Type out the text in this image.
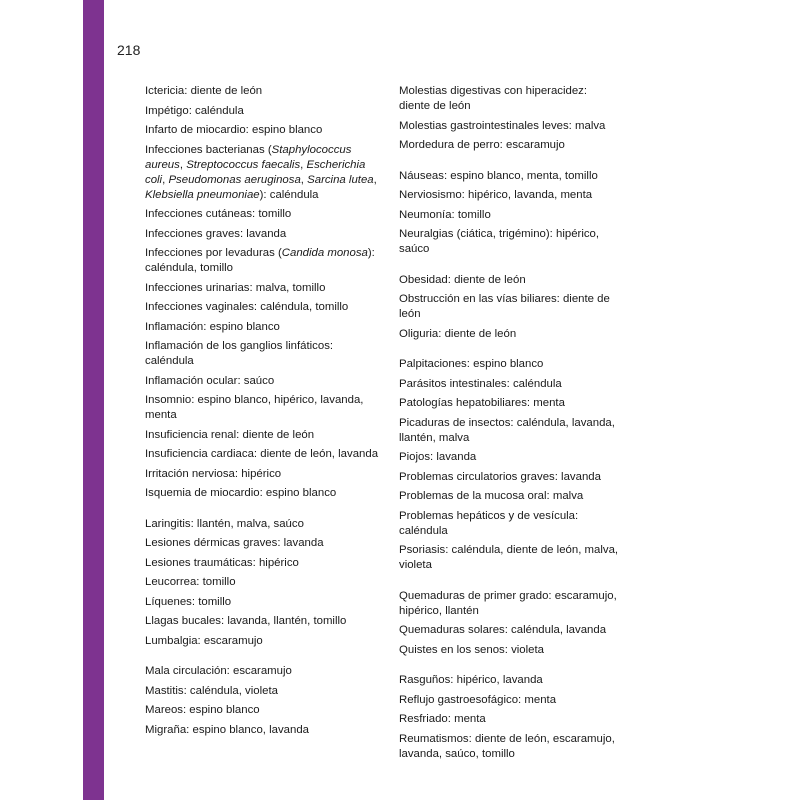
218
Ictericia: diente de león
Impétigo: caléndula
Infarto de miocardio: espino blanco
Infecciones bacterianas (Staphylococcus aureus, Streptococcus faecalis, Escherichia coli, Pseudomonas aeruginosa, Sarcina lutea, Klebsiella pneumoniae): caléndula
Infecciones cutáneas: tomillo
Infecciones graves: lavanda
Infecciones por levaduras (Candida monosa): caléndula, tomillo
Infecciones urinarias: malva, tomillo
Infecciones vaginales: caléndula, tomillo
Inflamación: espino blanco
Inflamación de los ganglios linfáticos: caléndula
Inflamación ocular: saúco
Insomnio: espino blanco, hipérico, lavanda, menta
Insuficiencia renal: diente de león
Insuficiencia cardiaca: diente de león, lavanda
Irritación nerviosa: hipérico
Isquemia de miocardio: espino blanco
Laringitis: llantén, malva, saúco
Lesiones dérmicas graves: lavanda
Lesiones traumáticas: hipérico
Leucorrea: tomillo
Líquenes: tomillo
Llagas bucales: lavanda, llantén, tomillo
Lumbalgia: escaramujo
Mala circulación: escaramujo
Mastitis: caléndula, violeta
Mareos: espino blanco
Migraña: espino blanco, lavanda
Molestias digestivas con hiperacidez: diente de león
Molestias gastrointestinales leves: malva
Mordedura de perro: escaramujo
Náuseas: espino blanco, menta, tomillo
Nerviosismo: hipérico, lavanda, menta
Neumonía: tomillo
Neuralgias (ciática, trigémino): hipérico, saúco
Obesidad: diente de león
Obstrucción en las vías biliares: diente de león
Oliguria: diente de león
Palpitaciones: espino blanco
Parásitos intestinales: caléndula
Patologías hepatobiliares: menta
Picaduras de insectos: caléndula, lavanda, llantén, malva
Piojos: lavanda
Problemas circulatorios graves: lavanda
Problemas de la mucosa oral: malva
Problemas hepáticos y de vesícula: caléndula
Psoriasis: caléndula, diente de león, malva, violeta
Quemaduras de primer grado: escaramujo, hipérico, llantén
Quemaduras solares: caléndula, lavanda
Quistes en los senos: violeta
Rasguños: hipérico, lavanda
Reflujo gastroesofágico: menta
Resfriado: menta
Reumatismos: diente de león, escaramujo, lavanda, saúco, tomillo
